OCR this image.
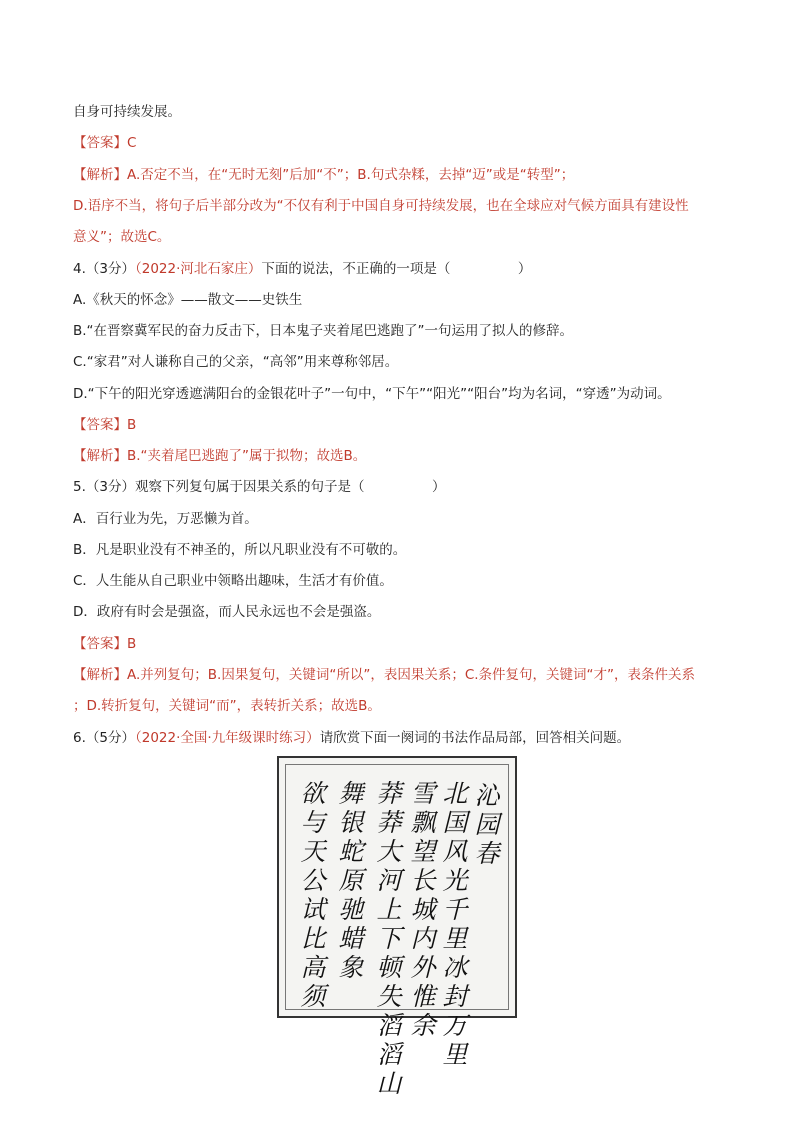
自身可持续发展。
【答案】C
【解析】A.否定不当，在“无时无刻”后加“不”；B.句式杂糅，去掉“迈”或是“转型”；
D.语序不当，将句子后半部分改为“不仅有利于中国自身可持续发展，也在全球应对气候方面具有建设性
意义”；故选C。
4.（3分）（2022·河北石家庄）下面的说法，不正确的一项是（　　　　　）
A.《秋天的怀念》——散文——史铁生
B.“在晋察冀军民的奋力反击下，日本鬼子夹着尾巴逃跑了”一句运用了拟人的修辞。
C.“家君”对人谦称自己的父亲，“高邻”用来尊称邻居。
D.“下午的阳光穿透遮满阳台的金银花叶子”一句中，“下午”“阳光”“阳台”均为名词，“穿透”为动词。
【答案】B
【解析】B.“夹着尾巴逃跑了”属于拟物；故选B。
5.（3分）观察下列复句属于因果关系的句子是（　　　　　）
A．百行业为先，万恶懒为首。
B．凡是职业没有不神圣的，所以凡职业没有不可敬的。
C．人生能从自己职业中领略出趣味，生活才有价值。
D．政府有时会是强盗，而人民永远也不会是强盗。
【答案】B
【解析】A.并列复句；B.因果复句，关键词“所以”，表因果关系；C.条件复句，关键词“才”，表条件关系
；D.转折复句，关键词“而”，表转折关系；故选B。
6.（5分）（2022·全国·九年级课时练习）请欣赏下面一阕词的书法作品局部，回答相关问题。
沁园春
北国风光千里冰封万里
雪飘望长城内外惟余
莽莽大河上下顿失滔滔山
舞银蛇原驰蜡象
欲与天公试比高须
